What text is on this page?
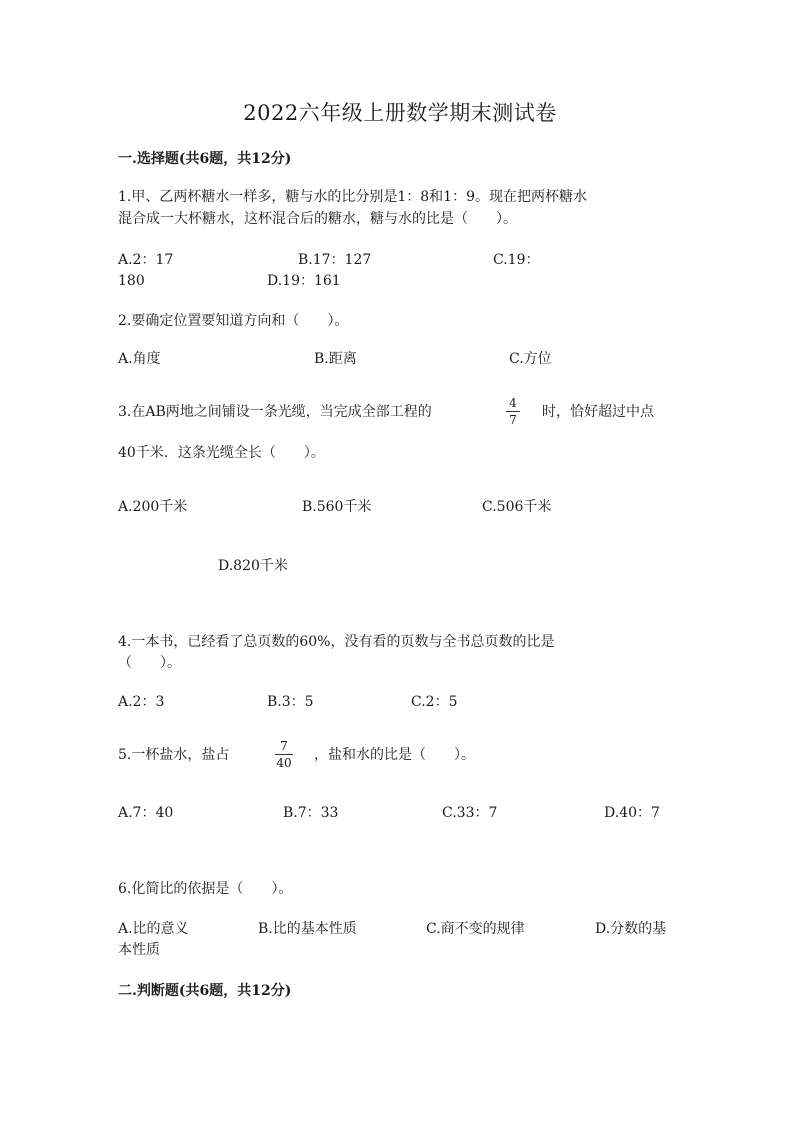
2022六年级上册数学期末测试卷
一.选择题(共6题，共12分)
1.甲、乙两杯糖水一样多，糖与水的比分别是1：8和1：9。现在把两杯糖水
混合成一大杯糖水，这杯混合后的糖水，糖与水的比是（　　）。
A.2：17	B.17：127	C.19：
180	D.19：161
2.要确定位置要知道方向和（　　）。
A.角度	B.距离	C.方位
3.在AB两地之间铺设一条光缆，当完成全部工程的
4
7 时，恰好超过中点
40千米．这条光缆全长（　　）。
A.200千米	B.560千米	C.506千米
D.820千米
4.一本书，已经看了总页数的60%，没有看的页数与全书总页数的比是
（　　）。
A.2：3	B.3：5	C.2：5
5.一杯盐水，盐占
7
40 ，盐和水的比是（　　）。
A.7：40	B.7：33	C.33：7	D.40：7
6.化简比的依据是（　　）。
A.比的意义	B.比的基本性质	C.商不变的规律	D.分数的基
本性质
二.判断题(共6题，共12分)
